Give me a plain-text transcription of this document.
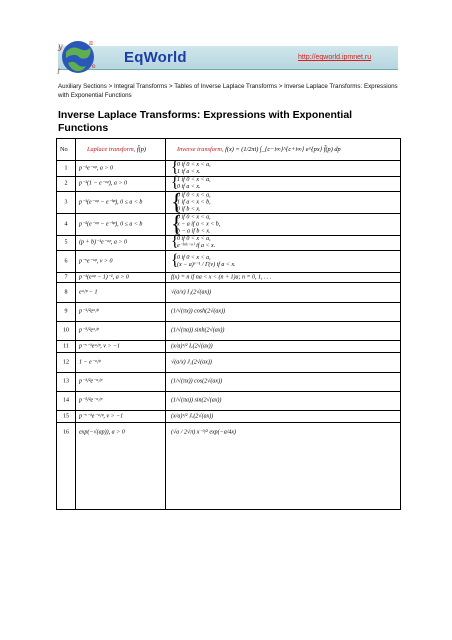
y	π
e
∫
EqWorld	http://eqworld.ipmnet.ru
Auxiliary Sections > Integral Transforms > Tables of Inverse Laplace Transforms > Inverse Laplace Transforms: Expressions with Exponential Functions
Inverse Laplace Transforms: Expressions with Exponential Functions
No	Laplace transform, f̃(p)	Inverse transform, f(x) = (1/2πi) ∫_{c−i∞}^{c+i∞} e^{px} f̃(p) dp
1	p⁻¹e⁻ᵃᵖ, a > 0	{
0 if 0 < x < a,
1 if a < x.
2	p⁻¹(1 − e⁻ᵃᵖ), a > 0	{
1 if 0 < x < a,
0 if a < x.
3	p⁻¹(e⁻ᵃᵖ − e⁻ᵇᵖ), 0 ≤ a < b	{
0 if 0 < x < a,
1 if a < x < b,
0 if b < x.
4	p⁻²(e⁻ᵃᵖ − e⁻ᵇᵖ), 0 ≤ a < b	{
0 if 0 < x < a,
x − a if a < x < b,
b − a if b < x.
5	(p + b)⁻¹e⁻ᵃᵖ, a > 0	{
0 if 0 < x < a,
e⁻ᵇ⁽ˣ⁻ᵃ⁾ if a < x.
6	p⁻ᵛe⁻ᵃᵖ, ν > 0	{
0 if 0 < x < a,
(x − a)ᵛ⁻¹ / Γ(ν) if a < x.
7	p⁻¹(eᵃᵖ − 1)⁻¹, a > 0	f(x) = n if na < x < (n + 1)a; n = 0, 1, . . .
8	eᵃ/ᵖ − 1	√(a/x) I₁(2√(ax))
9	p⁻¹/²eᵃ/ᵖ	(1/√(πx)) cosh(2√(ax))
10	p⁻³/²eᵃ/ᵖ	(1/√(πa)) sinh(2√(ax))
11	p⁻ᵛ⁻¹eᵃ/ᵖ, ν > −1	(x/a)ᵛ/² Iᵥ(2√(ax))
12	1 − e⁻ᵃ/ᵖ	√(a/x) J₁(2√(ax))
13	p⁻¹/²e⁻ᵃ/ᵖ	(1/√(πx)) cos(2√(ax))
14	p⁻³/²e⁻ᵃ/ᵖ	(1/√(πa)) sin(2√(ax))
15	p⁻ᵛ⁻¹e⁻ᵃ/ᵖ, ν > −1	(x/a)ᵛ/² Jᵥ(2√(ax))
16	exp(−√(ap)), a > 0	(√a / 2√π) x⁻³/² exp(−a/4x)
